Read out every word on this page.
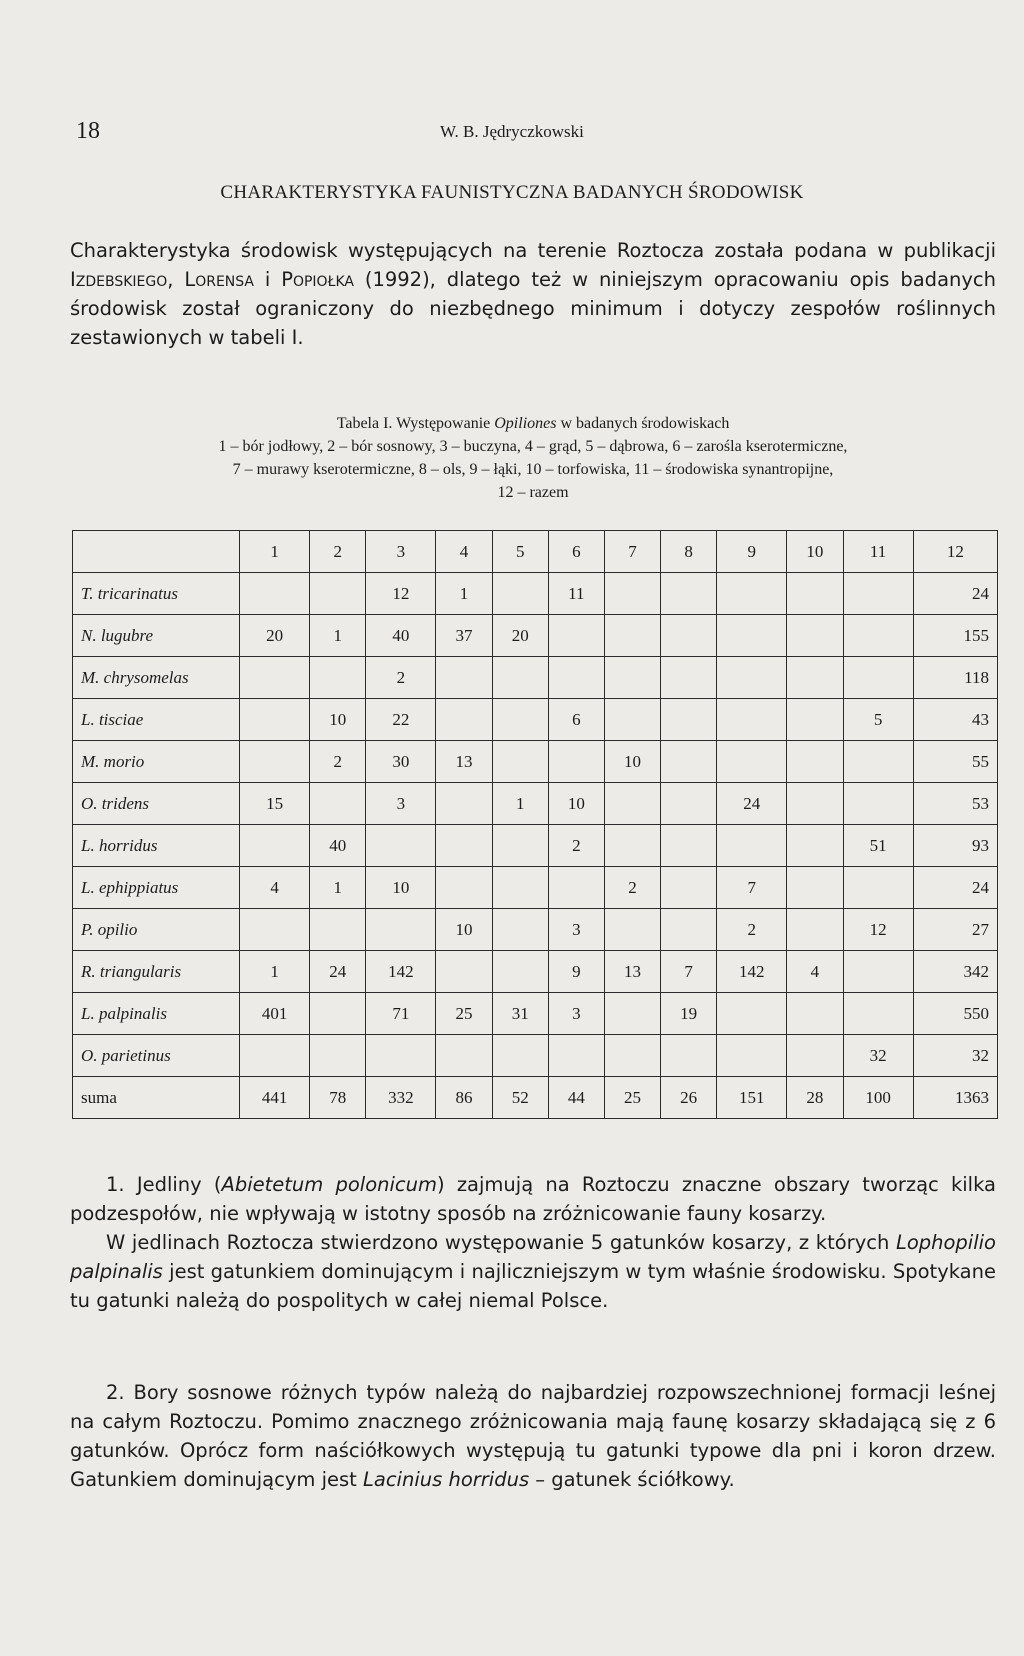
18	W. B. Jędryczkowski
CHARAKTERYSTYKA FAUNISTYCZNA BADANYCH ŚRODOWISK

Charakterystyka środowisk występujących na terenie Roztocza została podana w publikacji Izdebskiego, Lorensa i Popiołka (1992), dlatego też w niniejszym opracowaniu opis badanych środowisk został ograniczony do niezbędnego minimum i dotyczy zespołów roślinnych zestawionych w tabeli I.

Tabela I. Występowanie Opiliones w badanych środowiskach
1 – bór jodłowy, 2 – bór sosnowy, 3 – buczyna, 4 – grąd, 5 – dąbrowa, 6 – zarośla kserotermiczne,
7 – murawy kserotermiczne, 8 – ols, 9 – łąki, 10 – torfowiska, 11 – środowiska synantropijne,
12 – razem
	1	2	3	4	5	6	7	8	9	10	11	12
T. tricarinatus			12	1		11						24
N. lugubre	20	1	40	37	20							155
M. chrysomelas			2									118
L. tisciae		10	22			6					5	43
M. morio		2	30	13			10					55
O. tridens	15		3		1	10			24			53
L. horridus		40				2					51	93
L. ephippiatus	4	1	10				2		7			24
P. opilio				10		3			2		12	27
R. triangularis	1	24	142			9	13	7	142	4		342
L. palpinalis	401		71	25	31	3		19				550
O. parietinus											32	32
suma	441	78	332	86	52	44	25	26	151	28	100	1363

1. Jedliny (Abietetum polonicum) zajmują na Roztoczu znaczne obszary tworząc kilka podzespołów, nie wpływają w istotny sposób na zróżnicowanie fauny kosarzy.

W jedlinach Roztocza stwierdzono występowanie 5 gatunków kosarzy, z których Lophopilio palpinalis jest gatunkiem dominującym i najliczniejszym w tym właśnie środowisku. Spotykane tu gatunki należą do pospolitych w całej niemal Polsce.

2. Bory sosnowe różnych typów należą do najbardziej rozpowszechnionej formacji leśnej na całym Roztoczu. Pomimo znacznego zróżnicowania mają faunę kosarzy składającą się z 6 gatunków. Oprócz form naściółkowych występują tu gatunki typowe dla pni i koron drzew. Gatunkiem dominującym jest Lacinius horridus – gatunek ściółkowy.
